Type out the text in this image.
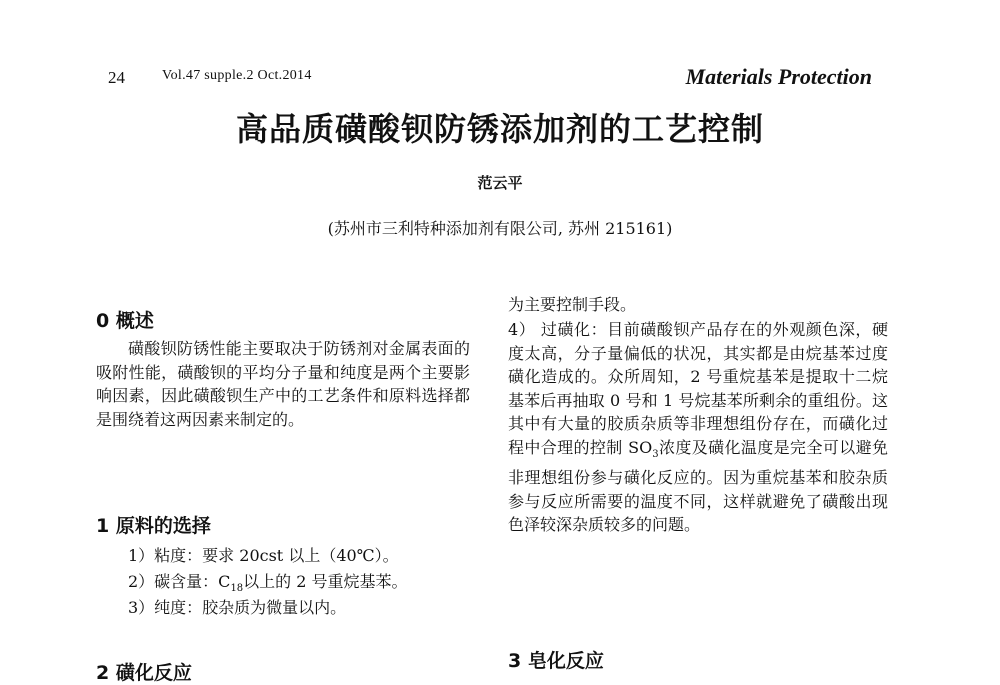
24	Vol.47 supple.2 Oct.2014	Materials Protection
高品质磺酸钡防锈添加剂的工艺控制
范云平
(苏州市三利特种添加剂有限公司, 苏州 215161)
0 概述
磺酸钡防锈性能主要取决于防锈剂对金属表面的吸附性能，磺酸钡的平均分子量和纯度是两个主要影响因素，因此磺酸钡生产中的工艺条件和原料选择都是围绕着这两因素来制定的。
1 原料的选择
1）粘度：要求 20cst 以上（40℃）。
2）碳含量：$C_{18}$以上的 2 号重烷基苯。
3）纯度：胶杂质为微量以内。
2 磺化反应
为主要控制手段。
4） 过磺化：目前磺酸钡产品存在的外观颜色深，硬度太高，分子量偏低的状况，其实都是由烷基苯过度磺化造成的。众所周知，2 号重烷基苯是提取十二烷基苯后再抽取 0 号和 1 号烷基苯所剩余的重组份。这其中有大量的胶质杂质等非理想组份存在，而磺化过程中合理的控制 $SO_3$浓度及磺化温度是完全可以避免非理想组份参与磺化反应的。因为重烷基苯和胶杂质参与反应所需要的温度不同，这样就避免了磺酸出现色泽较深杂质较多的问题。
3 皂化反应
